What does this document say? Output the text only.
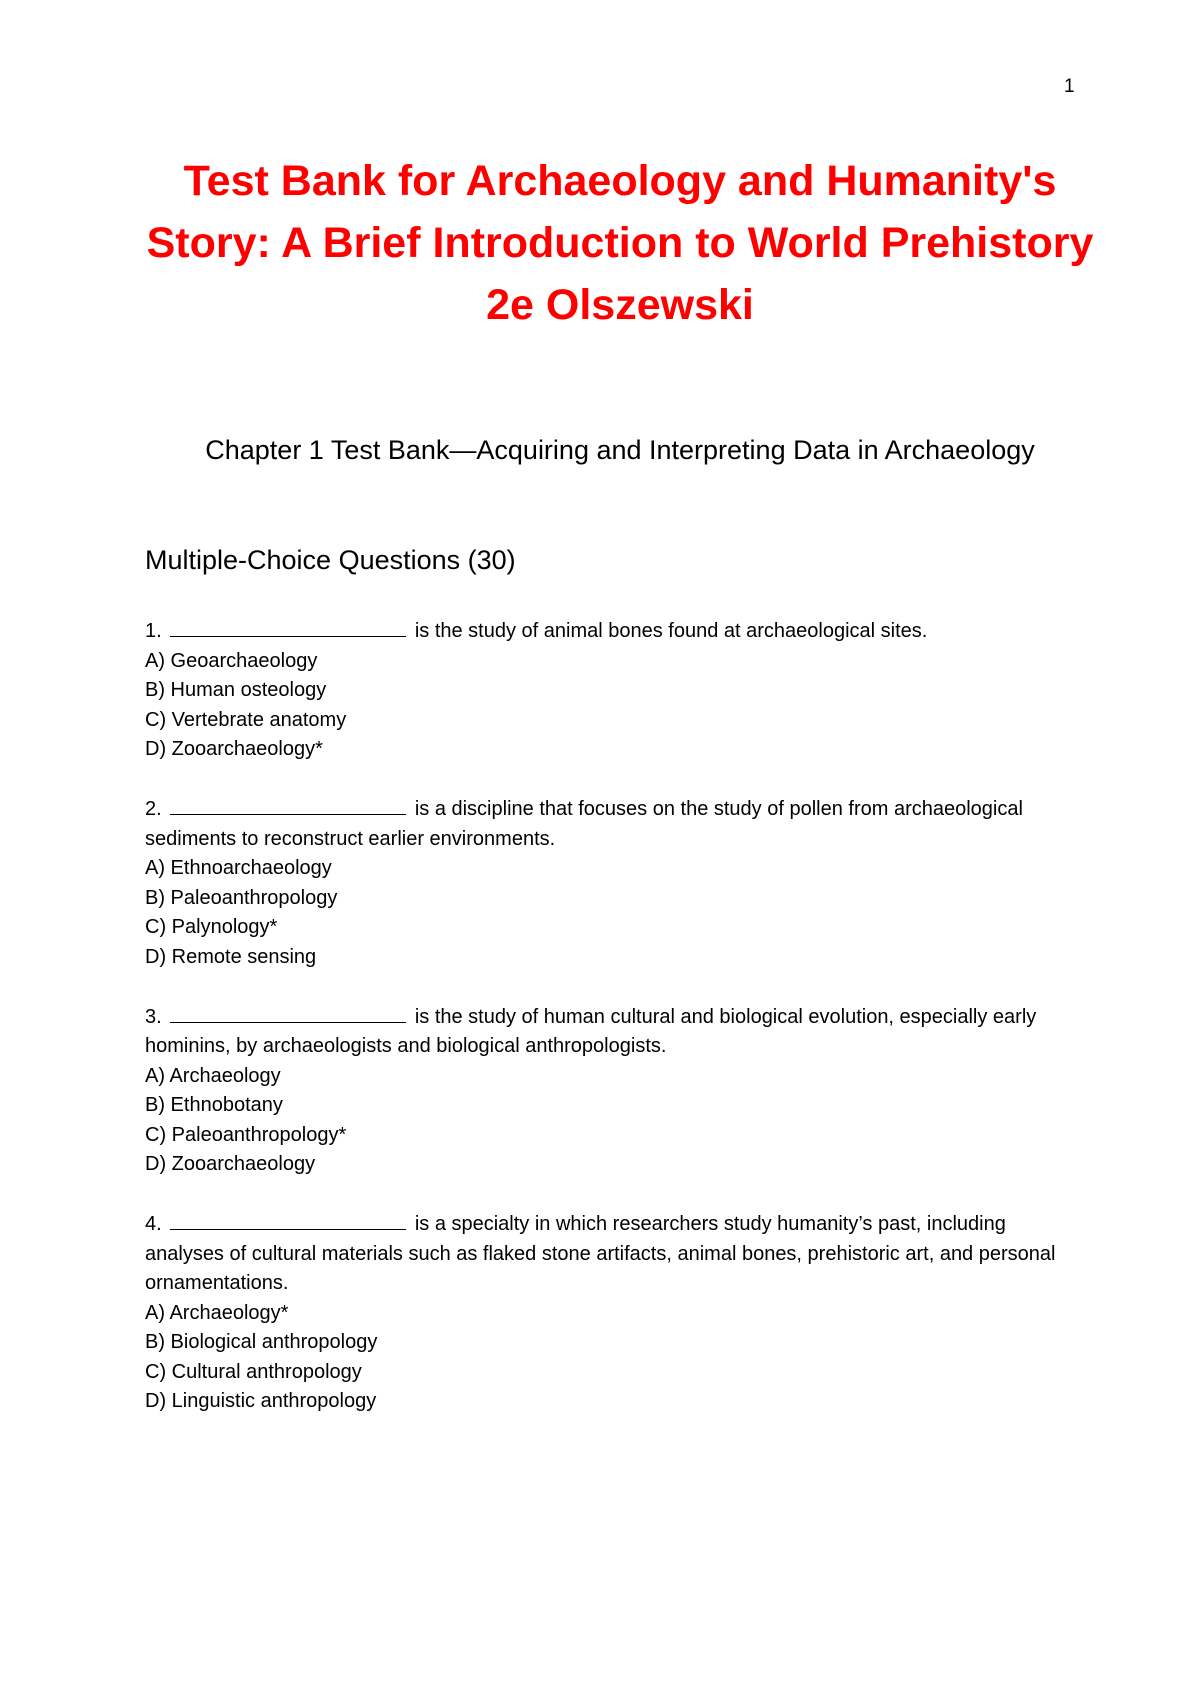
1
Test Bank for Archaeology and Humanity's Story: A Brief Introduction to World Prehistory 2e Olszewski
Chapter 1 Test Bank—Acquiring and Interpreting Data in Archaeology
Multiple-Choice Questions (30)

1.	is the study of animal bones found at archaeological sites.

A) Geoarchaeology
B) Human osteology
C) Vertebrate anatomy
D) Zooarchaeology*

2.	is a discipline that focuses on the study of pollen from archaeological sediments to reconstruct earlier environments.

A) Ethnoarchaeology
B) Paleoanthropology
C) Palynology*
D) Remote sensing

3.	is the study of human cultural and biological evolution, especially early hominins, by archaeologists and biological anthropologists.

A) Archaeology
B) Ethnobotany
C) Paleoanthropology*
D) Zooarchaeology

4.	is a specialty in which researchers study humanity’s past, including analyses of cultural materials such as flaked stone artifacts, animal bones, prehistoric art, and personal ornamentations.

A) Archaeology*
B) Biological anthropology
C) Cultural anthropology
D) Linguistic anthropology
